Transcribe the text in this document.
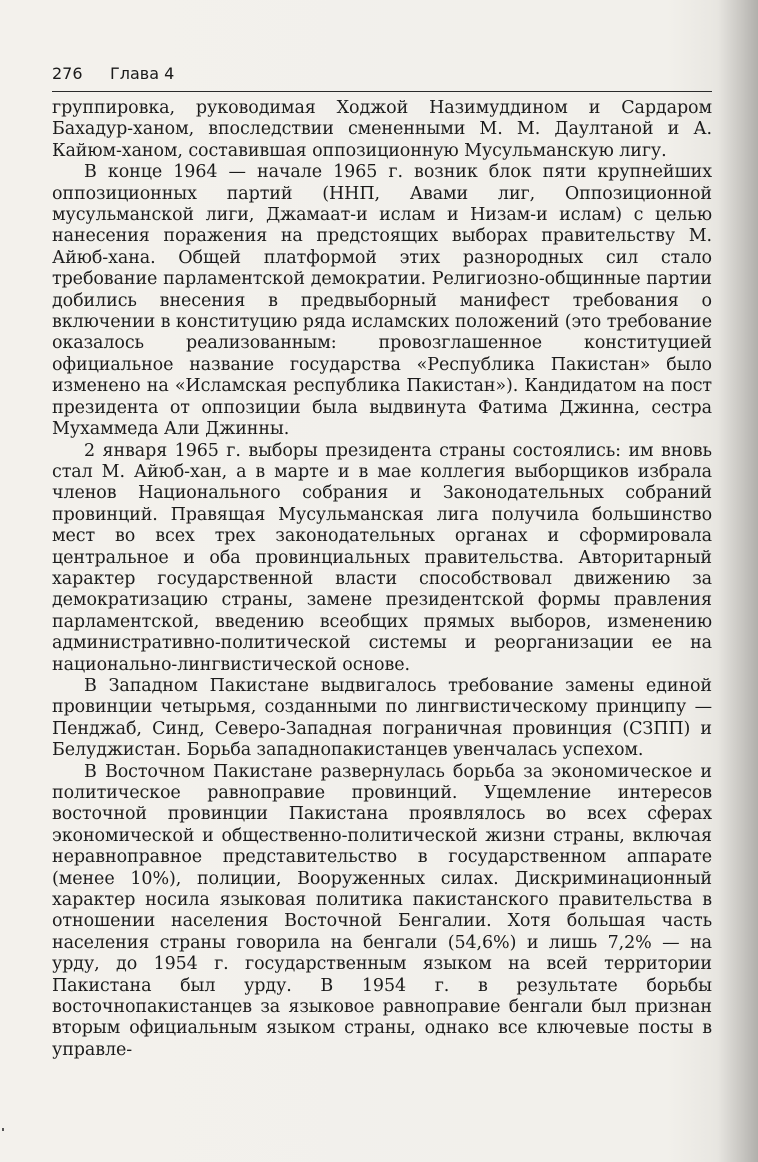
276 Глава 4

группировка, руководимая Ходжой Назимуддином и Сардаром Бахадур-ханом, впоследствии смененными М. М. Даултаной и А. Кайюм-ханом, составившая оппозиционную Мусульманскую лигу.

В конце 1964 — начале 1965 г. возник блок пяти крупнейших оппозиционных партий (ННП, Авами лиг, Оппозиционной мусульманской лиги, Джамаат-и ислам и Низам-и ислам) с целью нанесения поражения на предстоящих выборах правительству М. Айюб-хана. Общей платформой этих разнородных сил стало требование парламентской демократии. Религиозно-общинные партии добились внесения в предвыборный манифест требования о включении в конституцию ряда исламских положений (это требование оказалось реализованным: провозглашенное конституцией официальное название государства «Республика Пакистан» было изменено на «Исламская республика Пакистан»). Кандидатом на пост президента от оппозиции была выдвинута Фатима Джинна, сестра Мухаммеда Али Джинны.

2 января 1965 г. выборы президента страны состоялись: им вновь стал М. Айюб-хан, а в марте и в мае коллегия выборщиков избрала членов Национального собрания и Законодательных собраний провинций. Правящая Мусульманская лига получила большинство мест во всех трех законодательных органах и сформировала центральное и оба провинциальных правительства. Авторитарный характер государственной власти способствовал движению за демократизацию страны, замене президентской формы правления парламентской, введению всеобщих прямых выборов, изменению административно-политической системы и реорганизации ее на национально-лингвистической основе.

В Западном Пакистане выдвигалось требование замены единой провинции четырьмя, созданными по лингвистическому принципу — Пенджаб, Синд, Северо-Западная пограничная провинция (СЗПП) и Белуджистан. Борьба западнопакистанцев увенчалась успехом.

В Восточном Пакистане развернулась борьба за экономическое и политическое равноправие провинций. Ущемление интересов восточной провинции Пакистана проявлялось во всех сферах экономической и общественно-политической жизни страны, включая неравноправное представительство в государственном аппарате (менее 10%), полиции, Вооруженных силах. Дискриминационный характер носила языковая политика пакистанского правительства в отношении населения Восточной Бенгалии. Хотя большая часть населения страны говорила на бенгали (54,6%) и лишь 7,2% — на урду, до 1954 г. государственным языком на всей территории Пакистана был урду. В 1954 г. в результате борьбы восточнопакистанцев за языковое равноправие бенгали был признан вторым официальным языком страны, однако все ключевые посты в управле-
